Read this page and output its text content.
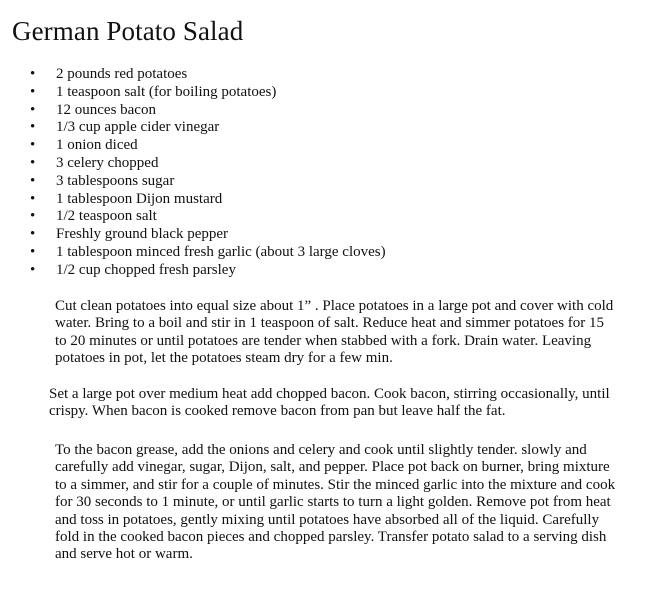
German Potato Salad
• 2 pounds red potatoes
• 1 teaspoon salt (for boiling potatoes)
• 12 ounces bacon
• 1/3 cup apple cider vinegar
• 1 onion diced
• 3 celery chopped
• 3 tablespoons sugar
• 1 tablespoon Dijon mustard
• 1/2 teaspoon salt
• Freshly ground black pepper
• 1 tablespoon minced fresh garlic (about 3 large cloves)
• 1/2 cup chopped fresh parsley

Cut clean potatoes into equal size about 1” . Place potatoes in a large pot and cover with cold water. Bring to a boil and stir in 1 teaspoon of salt. Reduce heat and simmer potatoes for 15 to 20 minutes or until potatoes are tender when stabbed with a fork. Drain water. Leaving potatoes in pot, let the potatoes steam dry for a few min.

Set a large pot over medium heat add chopped bacon. Cook bacon, stirring occasionally, until crispy. When bacon is cooked remove bacon from pan but leave half the fat.

To the bacon grease, add the onions and celery and cook until slightly tender. slowly and carefully add vinegar, sugar, Dijon, salt, and pepper. Place pot back on burner, bring mixture to a simmer, and stir for a couple of minutes. Stir the minced garlic into the mixture and cook for 30 seconds to 1 minute, or until garlic starts to turn a light golden. Remove pot from heat and toss in potatoes, gently mixing until potatoes have absorbed all of the liquid. Carefully fold in the cooked bacon pieces and chopped parsley. Transfer potato salad to a serving dish and serve hot or warm.
